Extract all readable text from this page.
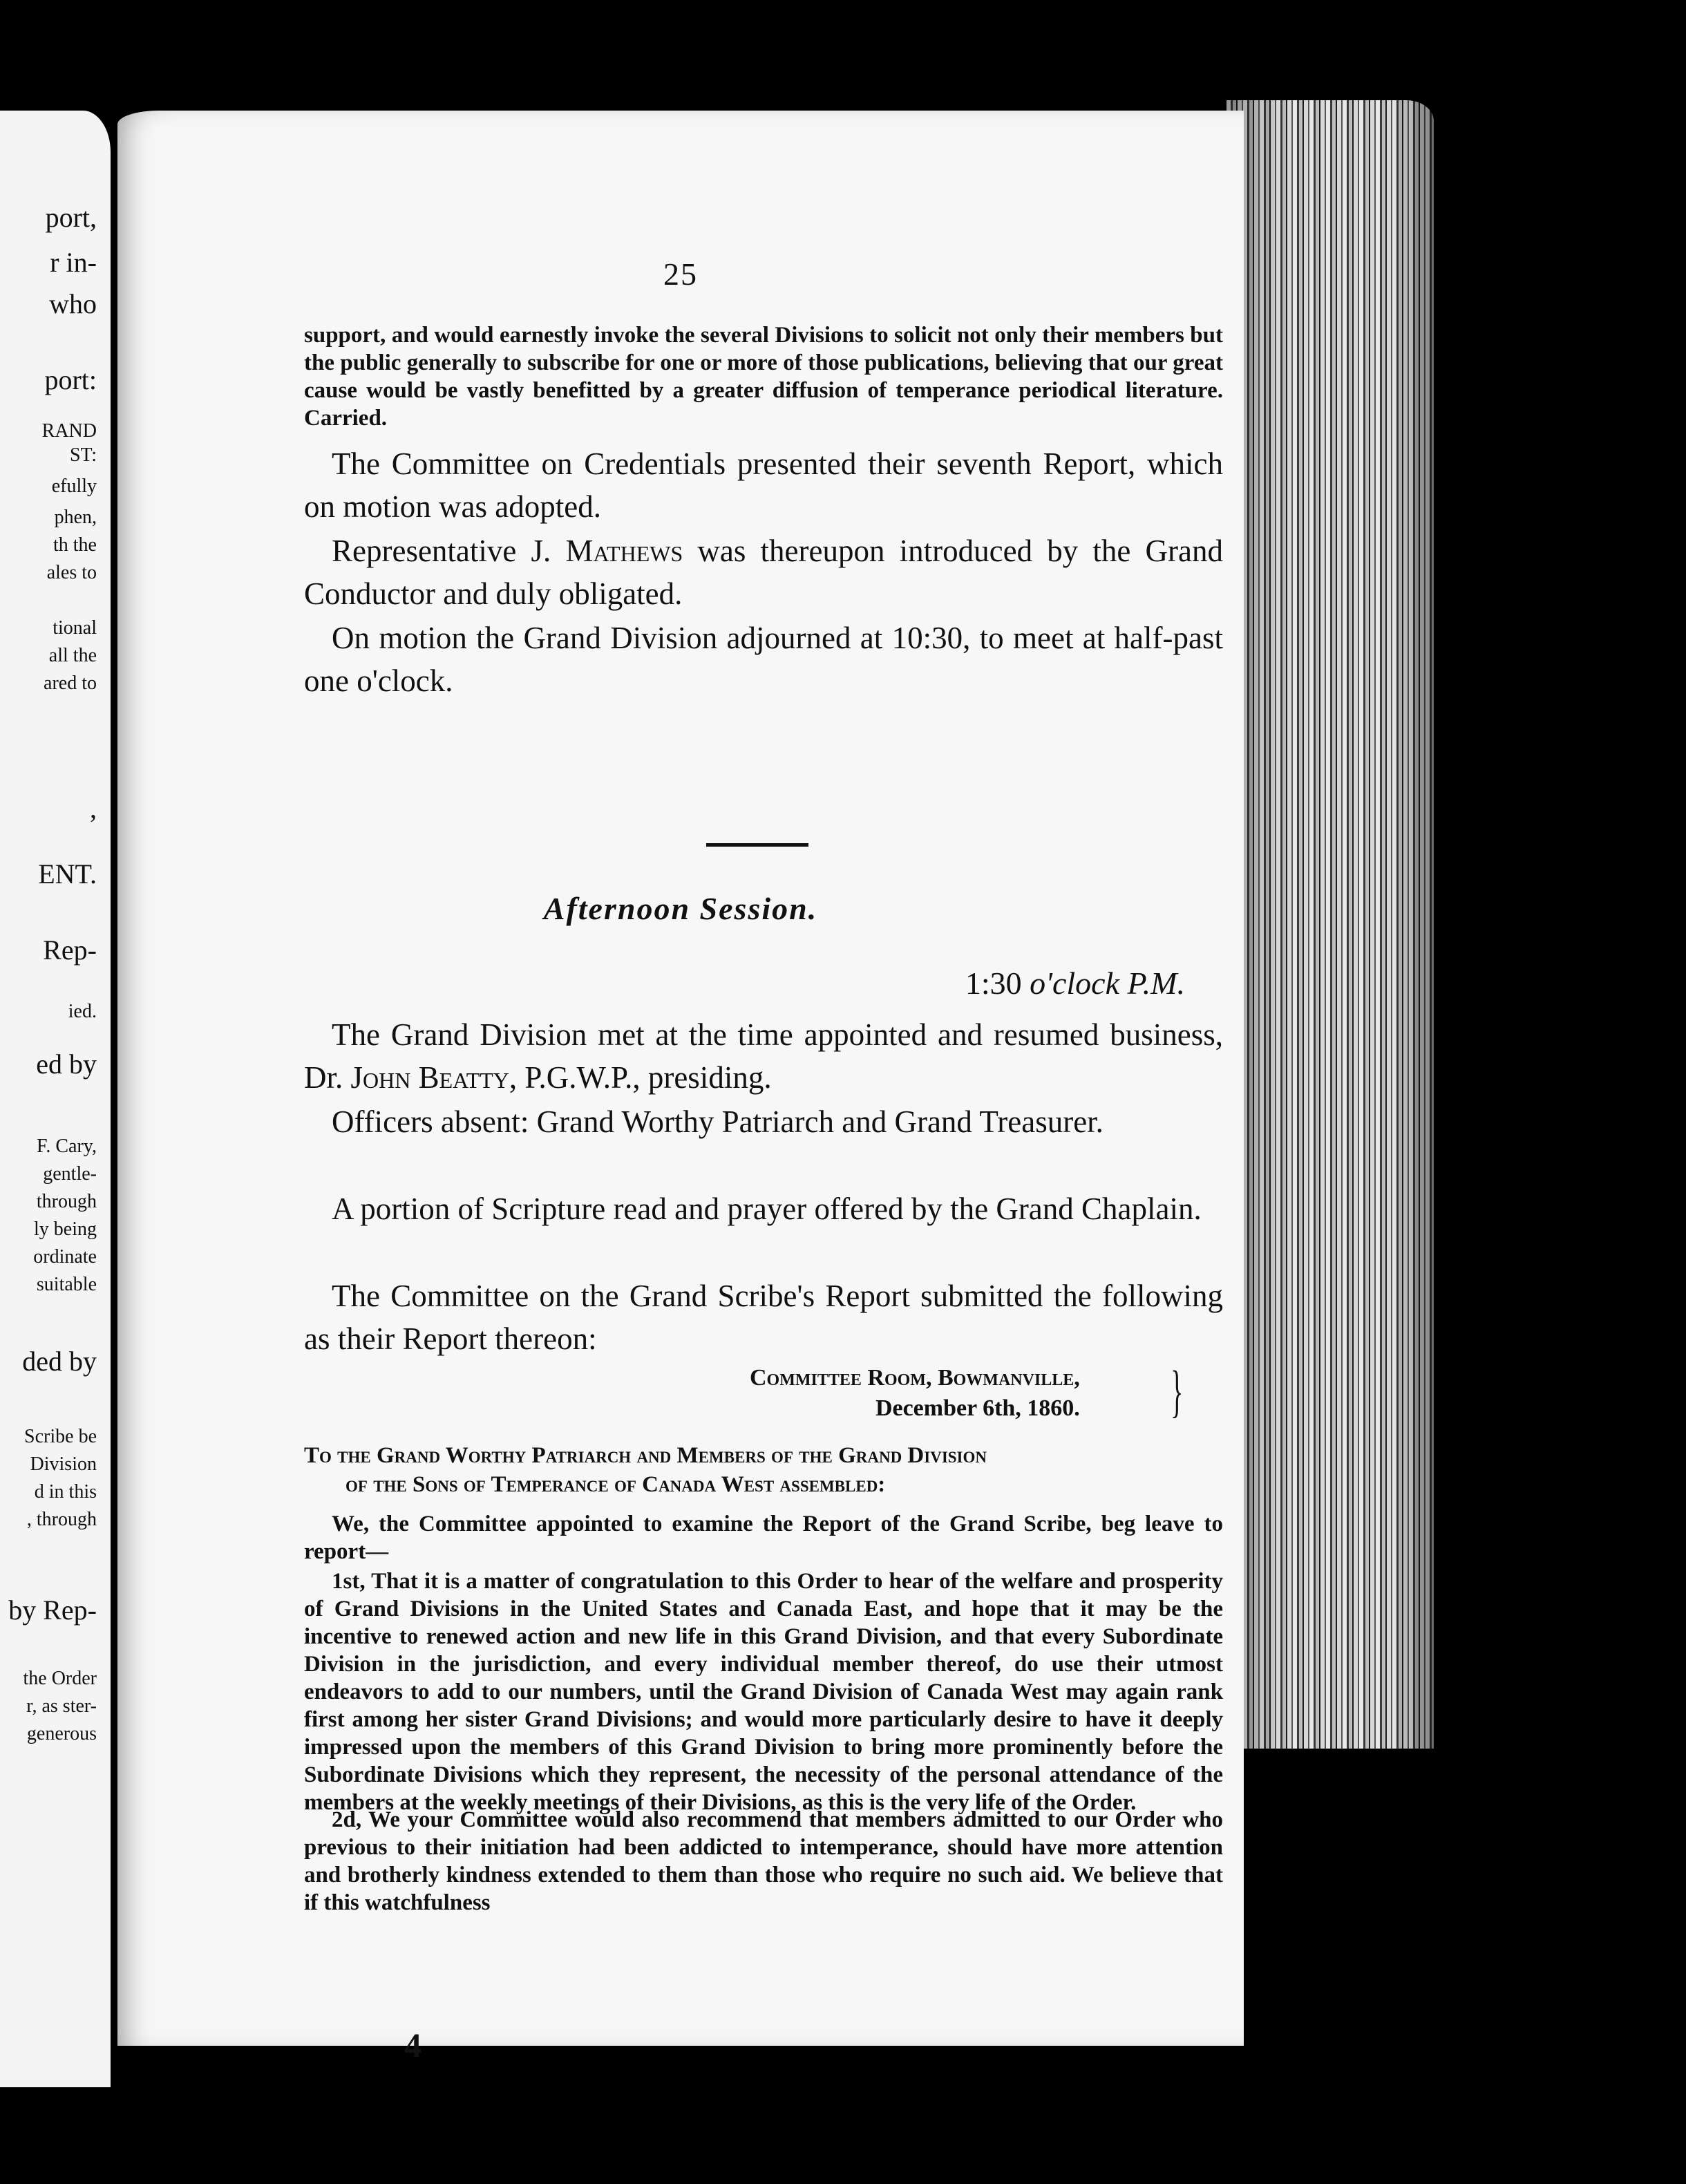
port,
r in-
who
port:
RAND
ST:
efully
phen,
th the
ales to
tional
all the
ared to
,
ENT.
Rep-
ied.
ed by
F. Cary,
gentle-
through
ly being
ordinate
suitable
ded by
Scribe be
Division
d in this
, through
by Rep-
the Order
r, as ster-
generous
25
support, and would earnestly invoke the several Divisions to solicit not only their members but the public generally to subscribe for one or more of those publications, believing that our great cause would be vastly benefitted by a greater diffusion of temperance periodical literature. Carried.
The Committee on Credentials presented their seventh Report, which on motion was adopted.
Representative J. Mathews was thereupon introduced by the Grand Conductor and duly obligated.
On motion the Grand Division adjourned at 10:30, to meet at half-past one o'clock.
Afternoon Session.
1:30 o'clock P.M.
The Grand Division met at the time appointed and resumed business, Dr. John Beatty, P.G.W.P., presiding.
Officers absent: Grand Worthy Patriarch and Grand Treasurer.
A portion of Scripture read and prayer offered by the Grand Chaplain.
The Committee on the Grand Scribe's Report submitted the following as their Report thereon:
Committee Room, Bowmanville,
December 6th, 1860. }
To the Grand Worthy Patriarch and Members of the Grand Division
of the Sons of Temperance of Canada West assembled:
We, the Committee appointed to examine the Report of the Grand Scribe, beg leave to report—
1st, That it is a matter of congratulation to this Order to hear of the welfare and prosperity of Grand Divisions in the United States and Canada East, and hope that it may be the incentive to renewed action and new life in this Grand Division, and that every Subordinate Division in the jurisdiction, and every individual member thereof, do use their utmost endeavors to add to our numbers, until the Grand Division of Canada West may again rank first among her sister Grand Divisions; and would more particularly desire to have it deeply impressed upon the members of this Grand Division to bring more prominently before the Subordinate Divisions which they represent, the necessity of the personal attendance of the members at the weekly meetings of their Divisions, as this is the very life of the Order.
2d, We your Committee would also recommend that members admitted to our Order who previous to their initiation had been addicted to intemperance, should have more attention and brotherly kindness extended to them than those who require no such aid. We believe that if this watchfulness
4
